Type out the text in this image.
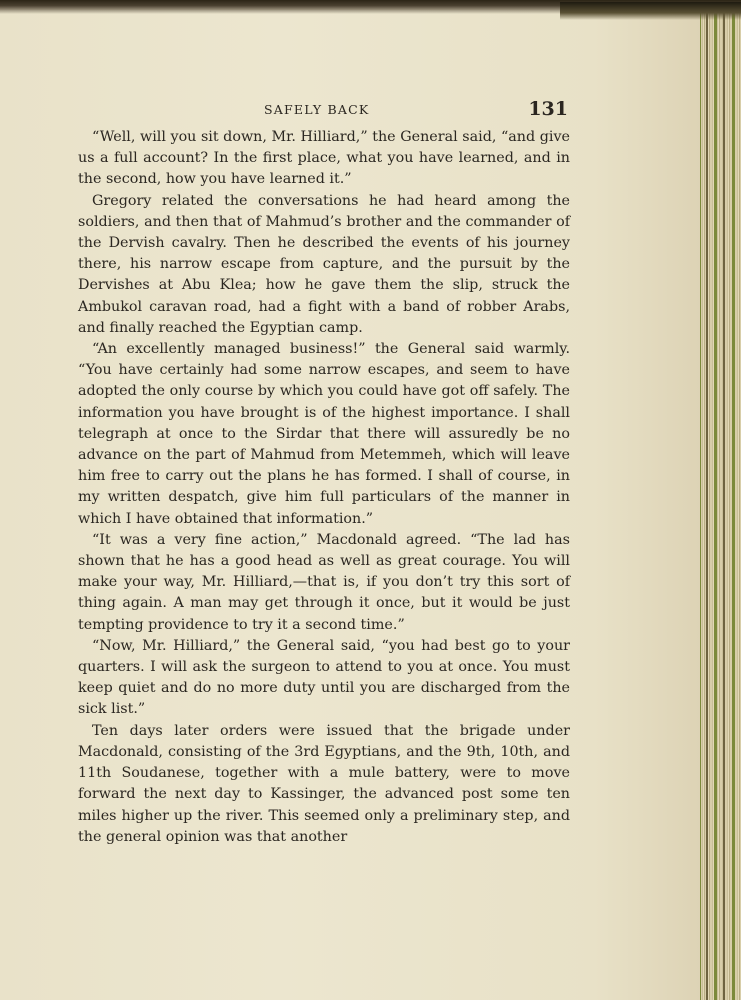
SAFELY BACK	131

“Well, will you sit down, Mr. Hilliard,” the General said, “and give us a full account? In the first place, what you have learned, and in the second, how you have learned it.”

Gregory related the conversations he had heard among the soldiers, and then that of Mahmud’s brother and the commander of the Dervish cavalry. Then he described the events of his journey there, his narrow escape from capture, and the pursuit by the Dervishes at Abu Klea; how he gave them the slip, struck the Ambukol caravan road, had a fight with a band of robber Arabs, and finally reached the Egyptian camp.

“An excellently managed business!” the General said warmly. “You have certainly had some narrow escapes, and seem to have adopted the only course by which you could have got off safely. The information you have brought is of the highest importance. I shall telegraph at once to the Sirdar that there will assuredly be no advance on the part of Mahmud from Metemmeh, which will leave him free to carry out the plans he has formed. I shall of course, in my written despatch, give him full particulars of the manner in which I have obtained that information.”

“It was a very fine action,” Macdonald agreed. “The lad has shown that he has a good head as well as great courage. You will make your way, Mr. Hilliard,—that is, if you don’t try this sort of thing again. A man may get through it once, but it would be just tempting providence to try it a second time.”

“Now, Mr. Hilliard,” the General said, “you had best go to your quarters. I will ask the surgeon to attend to you at once. You must keep quiet and do no more duty until you are discharged from the sick list.”

Ten days later orders were issued that the brigade under Macdonald, consisting of the 3rd Egyptians, and the 9th, 10th, and 11th Soudanese, together with a mule battery, were to move forward the next day to Kassinger, the advanced post some ten miles higher up the river. This seemed only a preliminary step, and the general opinion was that another
